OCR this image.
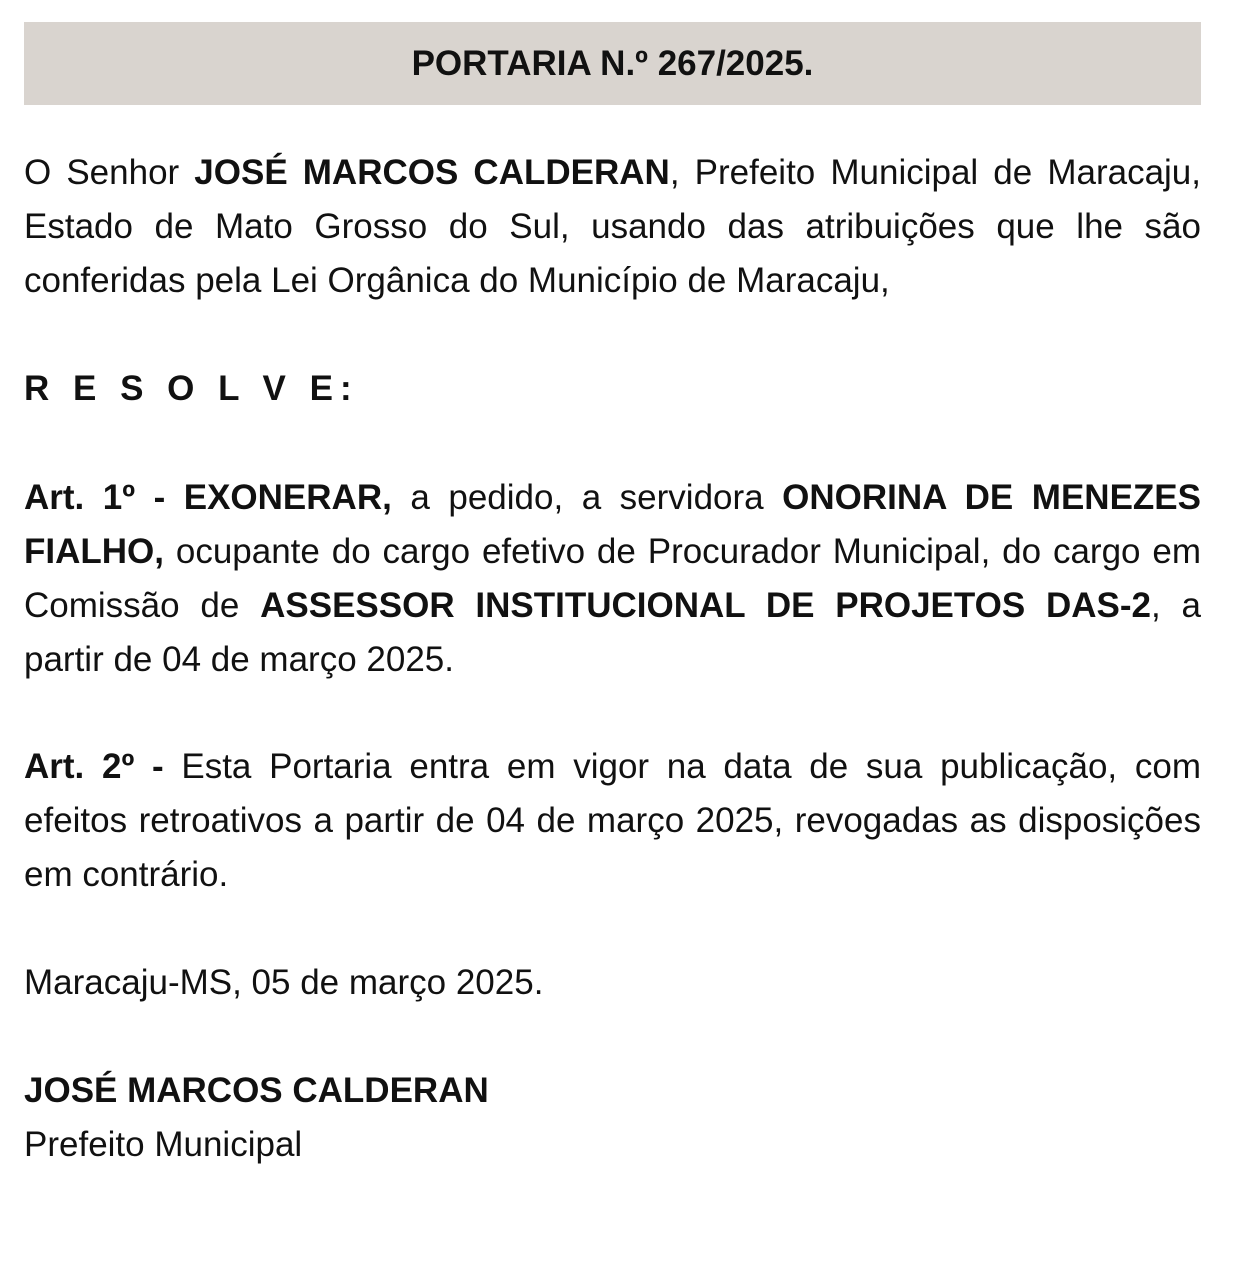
PORTARIA N.º 267/2025.

O Senhor JOSÉ MARCOS CALDERAN, Prefeito Municipal de Maracaju, Estado de Mato Grosso do Sul, usando das atribuições que lhe são conferidas pela Lei Orgânica do Município de Maracaju,

R E S O L V E:

Art. 1º - EXONERAR, a pedido, a servidora ONORINA DE MENEZES FIALHO, ocupante do cargo efetivo de Procurador Municipal, do cargo em Comissão de ASSESSOR INSTITUCIONAL DE PROJETOS DAS-2, a partir de 04 de março 2025.

Art. 2º - Esta Portaria entra em vigor na data de sua publicação, com efeitos retroativos a partir de 04 de março 2025, revogadas as disposições em contrário.

Maracaju-MS, 05 de março 2025.

JOSÉ MARCOS CALDERAN

Prefeito Municipal
